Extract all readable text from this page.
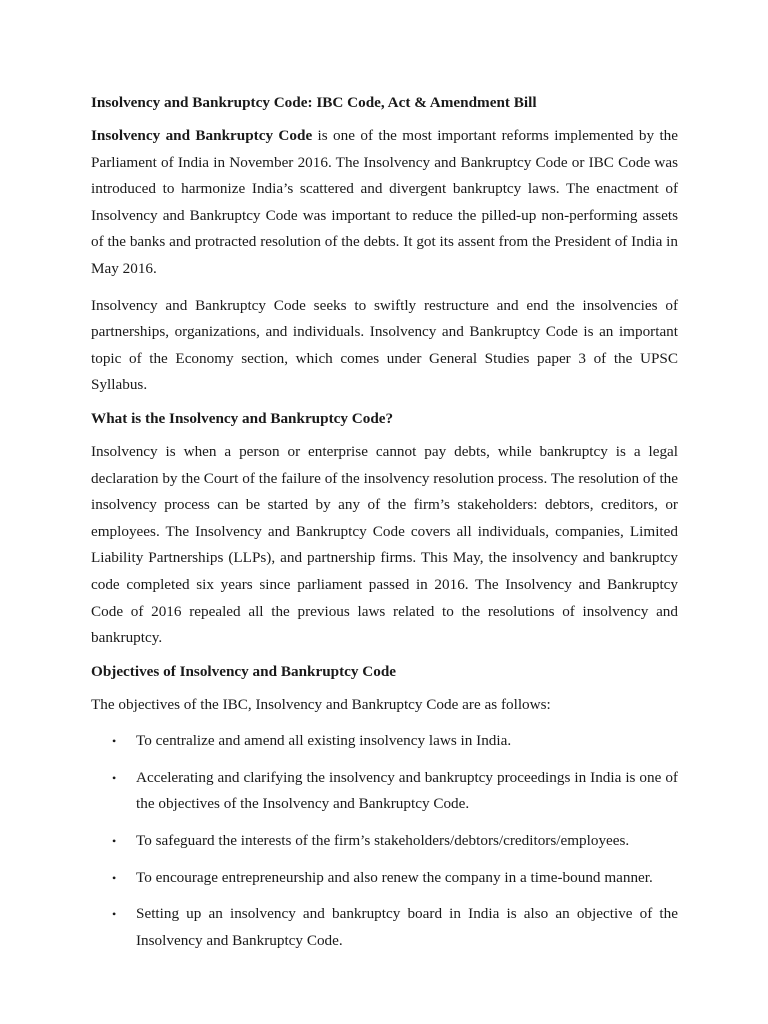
Insolvency and Bankruptcy Code: IBC Code, Act & Amendment Bill

Insolvency and Bankruptcy Code is one of the most important reforms implemented by the Parliament of India in November 2016. The Insolvency and Bankruptcy Code or IBC Code was introduced to harmonize India’s scattered and divergent bankruptcy laws. The enactment of Insolvency and Bankruptcy Code was important to reduce the pilled-up non-performing assets of the banks and protracted resolution of the debts. It got its assent from the President of India in May 2016.

Insolvency and Bankruptcy Code seeks to swiftly restructure and end the insolvencies of partnerships, organizations, and individuals. Insolvency and Bankruptcy Code is an important topic of the Economy section, which comes under General Studies paper 3 of the UPSC Syllabus.

What is the Insolvency and Bankruptcy Code?

Insolvency is when a person or enterprise cannot pay debts, while bankruptcy is a legal declaration by the Court of the failure of the insolvency resolution process. The resolution of the insolvency process can be started by any of the firm’s stakeholders: debtors, creditors, or employees. The Insolvency and Bankruptcy Code covers all individuals, companies, Limited Liability Partnerships (LLPs), and partnership firms. This May, the insolvency and bankruptcy code completed six years since parliament passed in 2016. The Insolvency and Bankruptcy Code of 2016 repealed all the previous laws related to the resolutions of insolvency and bankruptcy.

Objectives of Insolvency and Bankruptcy Code

The objectives of the IBC, Insolvency and Bankruptcy Code are as follows:

• To centralize and amend all existing insolvency laws in India.
• Accelerating and clarifying the insolvency and bankruptcy proceedings in India is one of the objectives of the Insolvency and Bankruptcy Code.
• To safeguard the interests of the firm’s stakeholders/debtors/creditors/employees.
• To encourage entrepreneurship and also renew the company in a time-bound manner.
• Setting up an insolvency and bankruptcy board in India is also an objective of the Insolvency and Bankruptcy Code.
